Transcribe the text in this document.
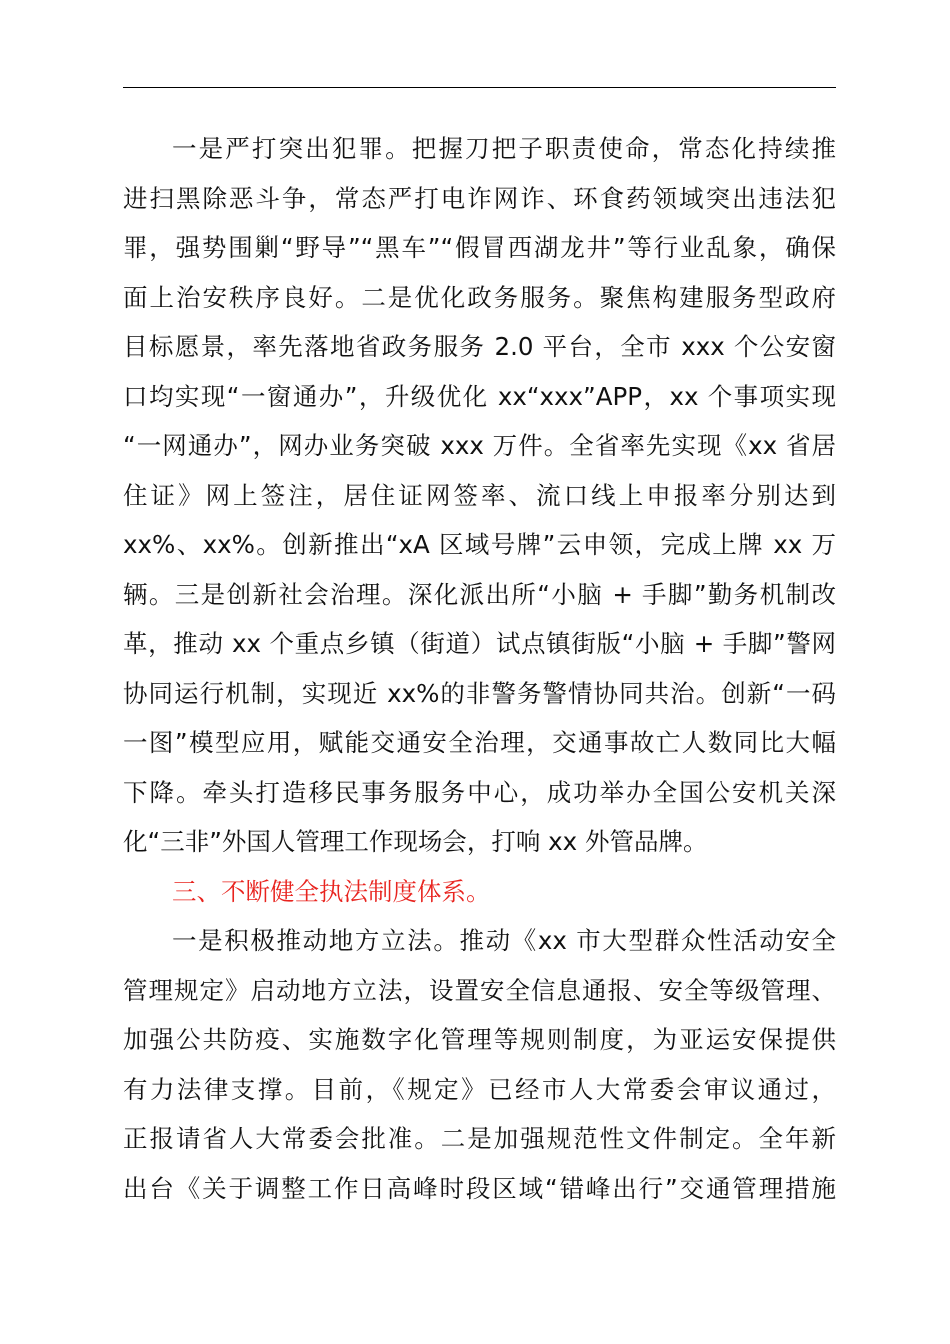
一是严打突出犯罪。把握刀把子职责使命，常态化持续推
进扫黑除恶斗争，常态严打电诈网诈、环食药领域突出违法犯
罪，强势围剿“野导”“黑车”“假冒西湖龙井”等行业乱象，确保
面上治安秩序良好。二是优化政务服务。聚焦构建服务型政府
目标愿景，率先落地省政务服务 2.0 平台，全市 xxx 个公安窗
口均实现“一窗通办”，升级优化 xx“xxx”APP，xx 个事项实现
“一网通办”，网办业务突破 xxx 万件。全省率先实现《xx 省居
住证》网上签注，居住证网签率、流口线上申报率分别达到
xx%、xx%。创新推出“xA 区域号牌”云申领，完成上牌 xx 万
辆。三是创新社会治理。深化派出所“小脑 + 手脚”勤务机制改
革，推动 xx 个重点乡镇（街道）试点镇街版“小脑 + 手脚”警网
协同运行机制，实现近 xx%的非警务警情协同共治。创新“一码
一图”模型应用，赋能交通安全治理，交通事故亡人数同比大幅
下降。牵头打造移民事务服务中心，成功举办全国公安机关深
化“三非”外国人管理工作现场会，打响 xx 外管品牌。
三、不断健全执法制度体系。
一是积极推动地方立法。推动《xx 市大型群众性活动安全
管理规定》启动地方立法，设置安全信息通报、安全等级管理、
加强公共防疫、实施数字化管理等规则制度，为亚运安保提供
有力法律支撑。目前，《规定》已经市人大常委会审议通过，
正报请省人大常委会批准。二是加强规范性文件制定。全年新
出台《关于调整工作日高峰时段区域“错峰出行”交通管理措施
